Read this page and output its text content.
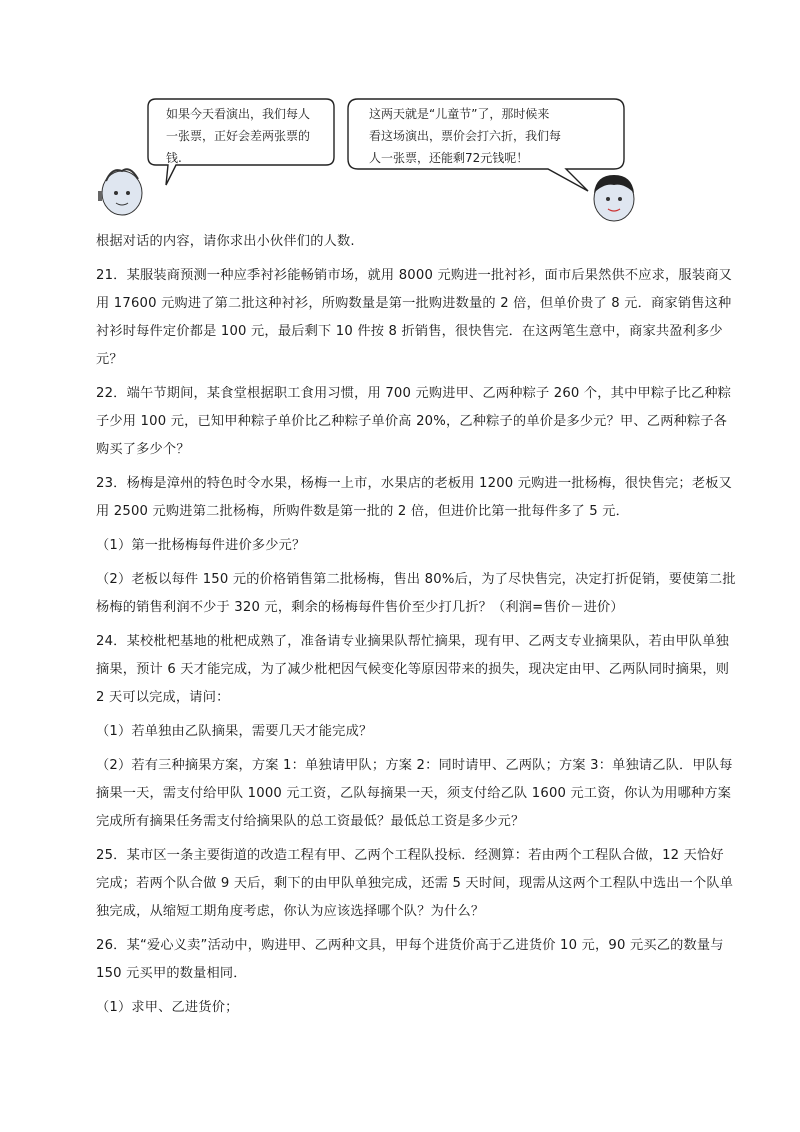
如果今天看演出，我们每人
一张票，正好会差两张票的
钱.
这两天就是“儿童节”了，那时候来
看这场演出，票价会打六折，我们每
人一张票，还能剩72元钱呢！

根据对话的内容，请你求出小伙伴们的人数.

21．某服装商预测一种应季衬衫能畅销市场，就用 8000 元购进一批衬衫，面市后果然供不应求，服装商又用 17600 元购进了第二批这种衬衫，所购数量是第一批购进数量的 2 倍，但单价贵了 8 元．商家销售这种衬衫时每件定价都是 100 元，最后剩下 10 件按 8 折销售，很快售完．在这两笔生意中，商家共盈利多少元？

22．端午节期间，某食堂根据职工食用习惯，用 700 元购进甲、乙两种粽子 260 个，其中甲粽子比乙种粽子少用 100 元，已知甲种粽子单价比乙种粽子单价高 20%，乙种粽子的单价是多少元？甲、乙两种粽子各购买了多少个？

23．杨梅是漳州的特色时令水果，杨梅一上市，水果店的老板用 1200 元购进一批杨梅，很快售完；老板又用 2500 元购进第二批杨梅，所购件数是第一批的 2 倍，但进价比第一批每件多了 5 元．

（1）第一批杨梅每件进价多少元？

（2）老板以每件 150 元的价格销售第二批杨梅，售出 80%后，为了尽快售完，决定打折促销，要使第二批杨梅的销售利润不少于 320 元，剩余的杨梅每件售价至少打几折？（利润=售价－进价）

24．某校枇杷基地的枇杷成熟了，准备请专业摘果队帮忙摘果，现有甲、乙两支专业摘果队，若由甲队单独摘果，预计 6 天才能完成，为了减少枇杷因气候变化等原因带来的损失，现决定由甲、乙两队同时摘果，则 2 天可以完成，请问：

（1）若单独由乙队摘果，需要几天才能完成？

（2）若有三种摘果方案，方案 1：单独请甲队；方案 2：同时请甲、乙两队；方案 3：单独请乙队．甲队每摘果一天，需支付给甲队 1000 元工资，乙队每摘果一天，须支付给乙队 1600 元工资，你认为用哪种方案完成所有摘果任务需支付给摘果队的总工资最低？最低总工资是多少元？

25．某市区一条主要街道的改造工程有甲、乙两个工程队投标．经测算：若由两个工程队合做，12 天恰好完成；若两个队合做 9 天后，剩下的由甲队单独完成，还需 5 天时间，现需从这两个工程队中选出一个队单独完成，从缩短工期角度考虑，你认为应该选择哪个队？为什么？

26．某“爱心义卖”活动中，购进甲、乙两种文具，甲每个进货价高于乙进货价 10 元，90 元买乙的数量与 150 元买甲的数量相同．

（1）求甲、乙进货价；
